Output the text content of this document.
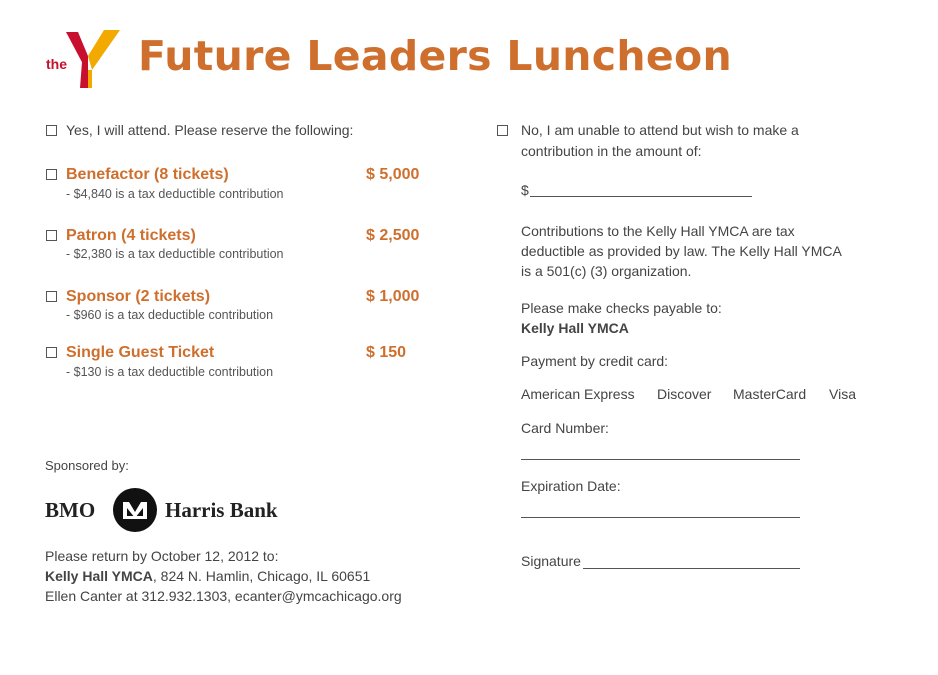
the Future Leaders Luncheon
Yes, I will attend. Please reserve the following:
Benefactor (8 tickets)	$ 5,000
- $4,840 is a tax deductible contribution
Patron (4 tickets)	$ 2,500
- $2,380 is a tax deductible contribution
Sponsor (2 tickets)	$ 1,000
- $960 is a tax deductible contribution
Single Guest Ticket	$ 150
- $130 is a tax deductible contribution
Sponsored by:
BMO	Harris Bank
Please return by October 12, 2012 to:
Kelly Hall YMCA, 824 N. Hamlin, Chicago, IL 60651
Ellen Canter at 312.932.1303, ecanter@ymcachicago.org
No, I am unable to attend but wish to make a
contribution in the amount of:
$
Contributions to the Kelly Hall YMCA are tax
deductible as provided by law. The Kelly Hall YMCA
is a 501(c) (3) organization.
Please make checks payable to:
Kelly Hall YMCA
Payment by credit card:
American Express Discover MasterCard Visa
Card Number:
Expiration Date:
Signature
